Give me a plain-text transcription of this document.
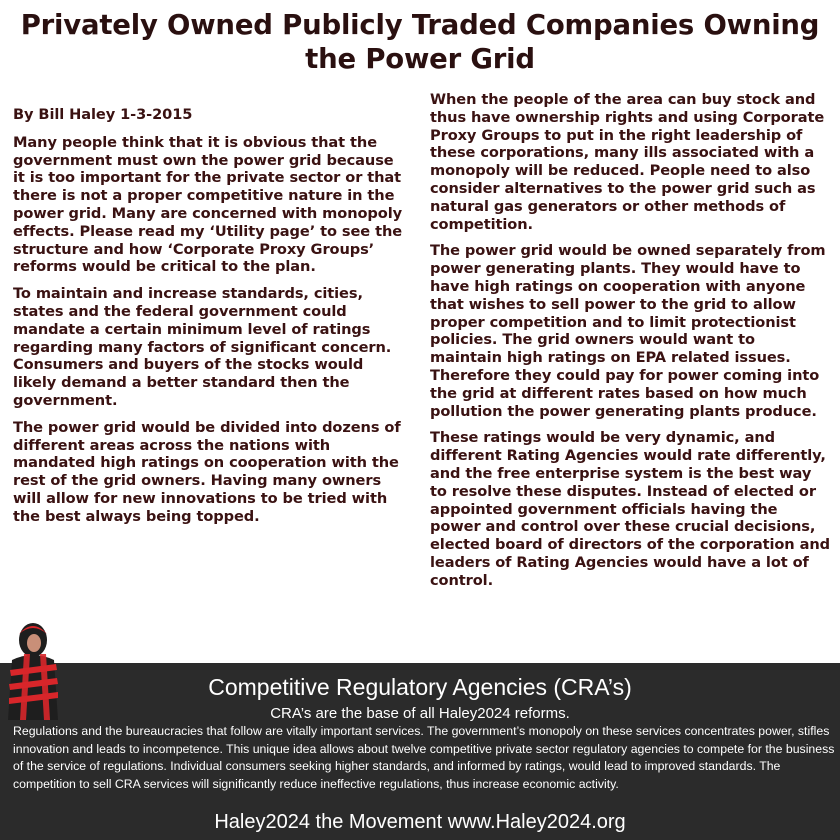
Privately Owned Publicly Traded Companies Owning the Power Grid

By Bill Haley 1-3-2015

Many people think that it is obvious that the government must own the power grid because it is too important for the private sector or that there is not a proper competitive nature in the power grid. Many are concerned with monopoly effects. Please read my ‘Utility page’ to see the structure and how ‘Corporate Proxy Groups’ reforms would be critical to the plan.

To maintain and increase standards, cities, states and the federal government could mandate a certain minimum level of ratings regarding many factors of significant concern. Consumers and buyers of the stocks would likely demand a better standard then the government.

The power grid would be divided into dozens of different areas across the nations with mandated high ratings on cooperation with the rest of the grid owners. Having many owners will allow for new innovations to be tried with the best always being topped.

When the people of the area can buy stock and thus have ownership rights and using Corporate Proxy Groups to put in the right leadership of these corporations, many ills associated with a monopoly will be reduced. People need to also consider alternatives to the power grid such as natural gas generators or other methods of competition.

The power grid would be owned separately from power generating plants. They would have to have high ratings on cooperation with anyone that wishes to sell power to the grid to allow proper competition and to limit protectionist policies. The grid owners would want to maintain high ratings on EPA related issues. Therefore they could pay for power coming into the grid at different rates based on how much pollution the power generating plants produce.

These ratings would be very dynamic, and different Rating Agencies would rate differently, and the free enterprise system is the best way to resolve these disputes. Instead of elected or appointed government officials having the power and control over these crucial decisions, elected board of directors of the corporation and leaders of Rating Agencies would have a lot of control.

Competitive Regulatory Agencies (CRA’s)
CRA’s are the base of all Haley2024 reforms.
Regulations and the bureaucracies that follow are vitally important services. The government’s monopoly on these services concentrates power, stifles innovation and leads to incompetence. This unique idea allows about twelve competitive private sector regulatory agencies to compete for the business of the service of regulations. Individual consumers seeking higher standards, and informed by ratings, would lead to improved standards. The competition to sell CRA services will significantly reduce ineffective regulations, thus increase economic activity.
Haley2024 the Movement www.Haley2024.org
